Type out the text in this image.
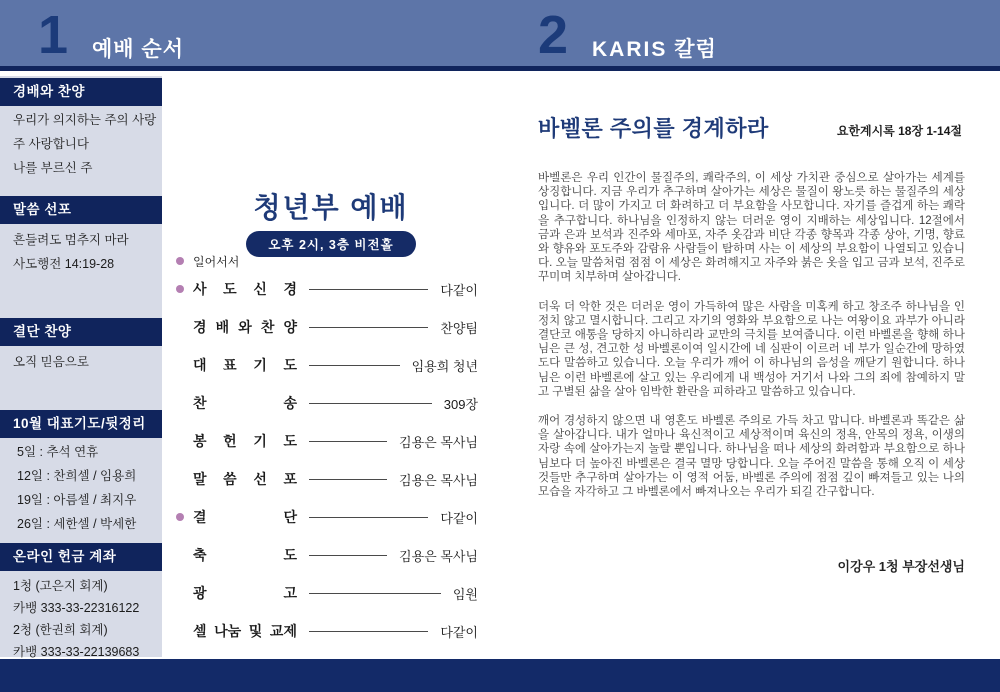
1 예배 순서	2 KARIS 칼럼
경배와 찬양
우리가 의지하는 주의 사랑
주 사랑합니다
나를 부르신 주
말씀 선포
흔들려도 멈추지 마라
사도행전 14:19-28
결단 찬양
오직 믿음으로
10월 대표기도/뒷정리
5일 : 추석 연휴
12일 : 찬희셀 / 임용희
19일 : 아름셀 / 최지우
26일 : 세한셀 / 박세한
온라인 헌금 계좌
1청 (고은지 회계)
카뱅 333-33-22316122
2청 (한권희 회계)
카뱅 333-33-22139683
청년부 예배
오후 2시, 3층 비전홀
일어서서
사 도 신 경	다같이
경 배 와 찬 양	찬양팀
대 표 기 도	임용희 청년
찬 송	309장
봉 헌 기 도	김용은 목사님
말 씀 선 포	김용은 목사님
결 단	다같이
축 도	김용은 목사님
광 고	임원
셀 나눔 및 교제	다같이
바벨론 주의를 경계하라	요한계시록 18장 1-14절

바벨론은 우리 인간이 물질주의, 쾌락주의, 이 세상 가치관 중심으로 살아가는 세계를 상징합니다. 지금 우리가 추구하며 살아가는 세상은 물질이 왕노릇 하는 물질주의 세상입니다. 더 많이 가지고 더 화려하고 더 부요함을 사모합니다. 자기를 즐겁게 하는 쾌락을 추구합니다. 하나님을 인정하지 않는 더러운 영이 지배하는 세상입니다. 12절에서 금과 은과 보석과 진주와 세마포, 자주 옷감과 비단 각종 향목과 각종 상아, 기명, 향료와 향유와 포도주와 감람유 사람들이 탐하며 사는 이 세상의 부요함이 나열되고 있습니다. 오늘 말씀처럼 점점 이 세상은 화려해지고 자주와 붉은 옷을 입고 금과 보석, 진주로 꾸미며 치부하며 살아갑니다.

더욱 더 악한 것은 더러운 영이 가득하여 많은 사람을 미혹케 하고 창조주 하나님을 인정치 않고 멸시합니다. 그리고 자기의 영화와 부요함으로 나는 여왕이요 과부가 아니라 결단코 애통을 당하지 아니하리라 교만의 극치를 보여줍니다. 이런 바벨론을 향해 하나님은 큰 성, 견고한 성 바벨론이여 일시간에 네 심판이 이르러 네 부가 일순간에 망하였도다 말씀하고 있습니다. 오늘 우리가 깨어 이 하나님의 음성을 깨닫기 원합니다. 하나님은 이런 바벨론에 살고 있는 우리에게 내 백성아 거기서 나와 그의 죄에 참예하지 말고 구별된 삶을 살아 임박한 환란을 피하라고 말씀하고 있습니다.

깨어 경성하지 않으면 내 영혼도 바벨론 주의로 가득 차고 맙니다. 바벨론과 똑같은 삶을 살아갑니다. 내가 얼마나 육신적이고 세상적이며 육신의 정욕, 안목의 정욕, 이생의 자랑 속에 살아가는지 놀랄 뿐입니다. 하나님을 떠나 세상의 화려함과 부요함으로 하나님보다 더 높아진 바벨론은 결국 멸망 당합니다. 오늘 주어진 말씀을 통해 오직 이 세상것들만 추구하며 살아가는 이 영적 어둠, 바벨론 주의에 점점 깊이 빠져들고 있는 나의 모습을 자각하고 그 바벨론에서 빠져나오는 우리가 되길 간구합니다.

이강우 1청 부장선생님
